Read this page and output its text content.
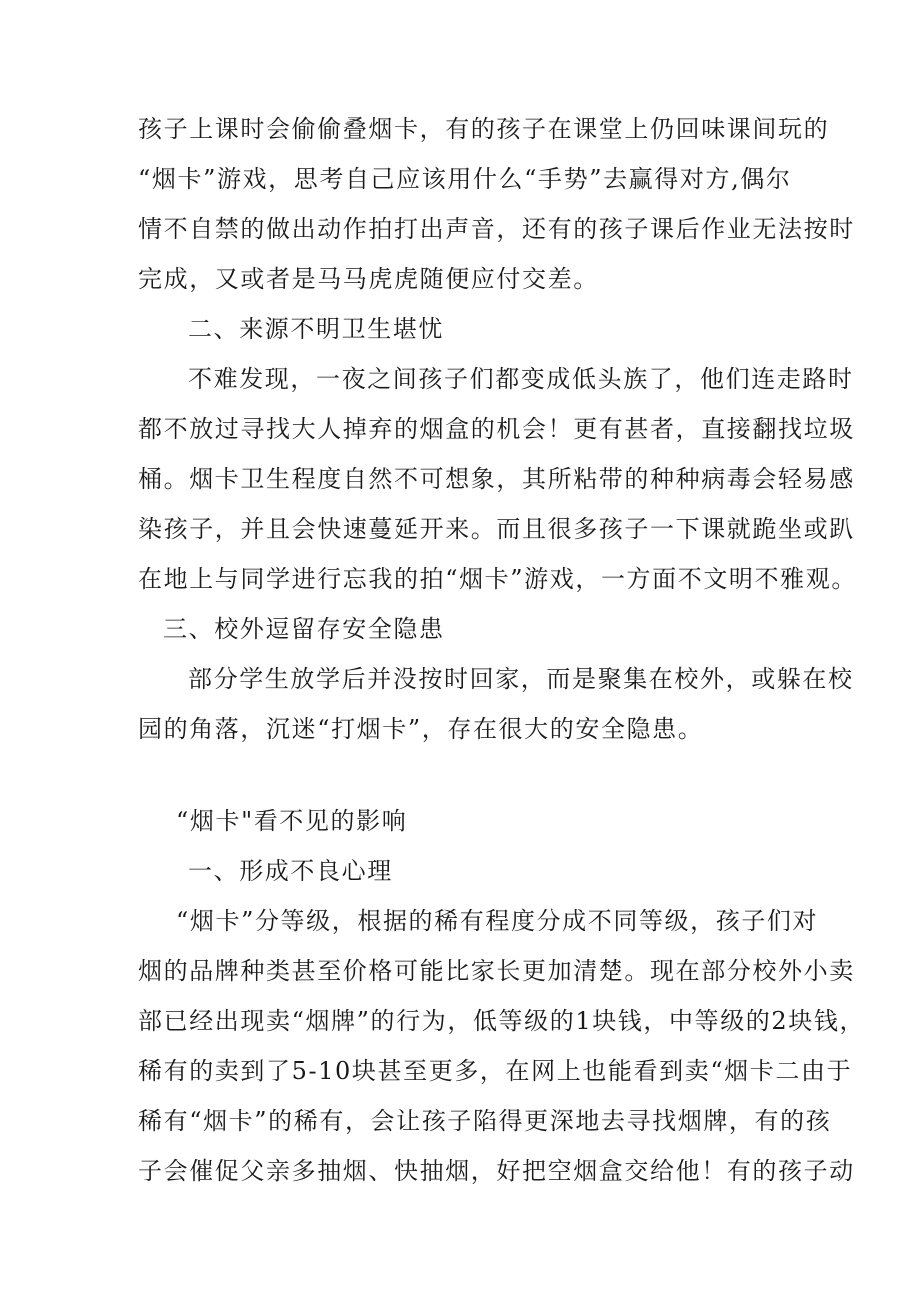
孩子上课时会偷偷叠烟卡，有的孩子在课堂上仍回味课间玩的
“烟卡”游戏，思考自己应该用什么“手势”去赢得对方,偶尔
情不自禁的做出动作拍打出声音，还有的孩子课后作业无法按时
完成，又或者是马马虎虎随便应付交差。
二、来源不明卫生堪忧
不难发现，一夜之间孩子们都变成低头族了，他们连走路时
都不放过寻找大人掉弃的烟盒的机会！更有甚者，直接翻找垃圾
桶。烟卡卫生程度自然不可想象，其所粘带的种种病毒会轻易感
染孩子，并且会快速蔓延开来。而且很多孩子一下课就跪坐或趴
在地上与同学进行忘我的拍“烟卡”游戏，一方面不文明不雅观。
三、校外逗留存安全隐患
部分学生放学后并没按时回家，而是聚集在校外，或躲在校
园的角落，沉迷“打烟卡”，存在很大的安全隐患。
“烟卡"看不见的影响
一、形成不良心理
“烟卡”分等级，根据的稀有程度分成不同等级，孩子们对
烟的品牌种类甚至价格可能比家长更加清楚。现在部分校外小卖
部已经出现卖“烟牌”的行为，低等级的1块钱，中等级的2块钱，
稀有的卖到了5-10块甚至更多，在网上也能看到卖“烟卡二由于
稀有“烟卡”的稀有，会让孩子陷得更深地去寻找烟牌，有的孩
子会催促父亲多抽烟、快抽烟，好把空烟盒交给他！有的孩子动
